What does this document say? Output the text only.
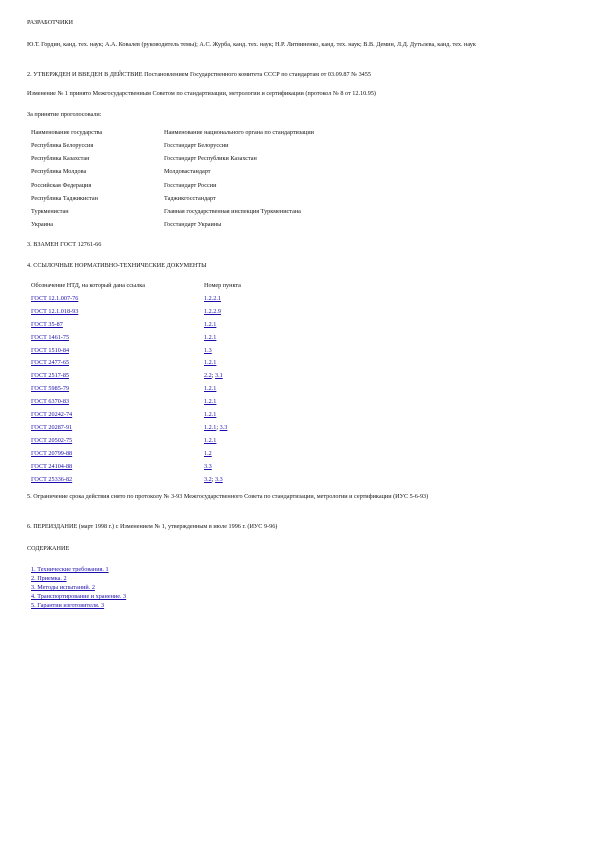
РАЗРАБОТЧИКИ
Ю.Т. Гордин, канд. тех. наук; А.А. Ковалев (руководитель темы); А.С. Журба, канд. тех. наук; Н.Р. Литвиненко, канд. тех. наук; В.В. Демин, Л.Д. Дутьлева, канд. тех. наук
2. УТВЕРЖДЕН И ВВЕДЕН В ДЕЙСТВИЕ Постановлением Государственного комитета СССР по стандартам от 03.09.87 № 3455
Изменение № 1 принято Межгосударственным Советом по стандартизации, метрологии и сертификации (протокол № 8 от 12.10.95)
За принятие проголосовали:
Наименование государства	Наименование национального органа по стандартизации
Республика Белоруссия	Госстандарт Белоруссии
Республика Казахстан	Госстандарт Республики Казахстан
Республика Молдова	Молдовастандарт
Российская Федерация	Госстандарт России
Республика Таджикистан	Таджикгосстандарт
Туркменистан	Главная государственная инспекция Туркменистана
Украина	Госстандарт Украины
3. ВЗАМЕН ГОСТ 12761-66
4. ССЫЛОЧНЫЕ НОРМАТИВНО-ТЕХНИЧЕСКИЕ ДОКУМЕНТЫ
Обозначение НТД, на который дана ссылка	Номер пункта
ГОСТ 12.1.007-76	1.2.2.1
ГОСТ 12.1.018-93	1.2.2.9
ГОСТ 35-87	1.2.1
ГОСТ 1461-75	1.2.1
ГОСТ 1510-84	1.3
ГОСТ 2477-65	1.2.1
ГОСТ 2517-85	2.2; 3.1
ГОСТ 5985-79	1.2.1
ГОСТ 6370-83	1.2.1
ГОСТ 20242-74	1.2.1
ГОСТ 20287-91	1.2.1; 3.3
ГОСТ 20502-75	1.2.1
ГОСТ 20799-88	1.2
ГОСТ 24104-88	3.3
ГОСТ 25336-82	3.2; 3.3
5. Ограничение срока действия снято по протоколу № 3-93 Межгосударственного Совета по стандартизации, метрологии и сертификации (ИУС 5-6-93)
6. ПЕРЕИЗДАНИЕ (март 1998 г.) с Изменением № 1, утвержденным в июле 1996 г. (ИУС 9-96)
СОДЕРЖАНИЕ
1. Технические требования. 1
2. Приемка. 2
3. Методы испытаний. 2
4. Транспортирование и хранение. 3
5. Гарантии изготовителя. 3
